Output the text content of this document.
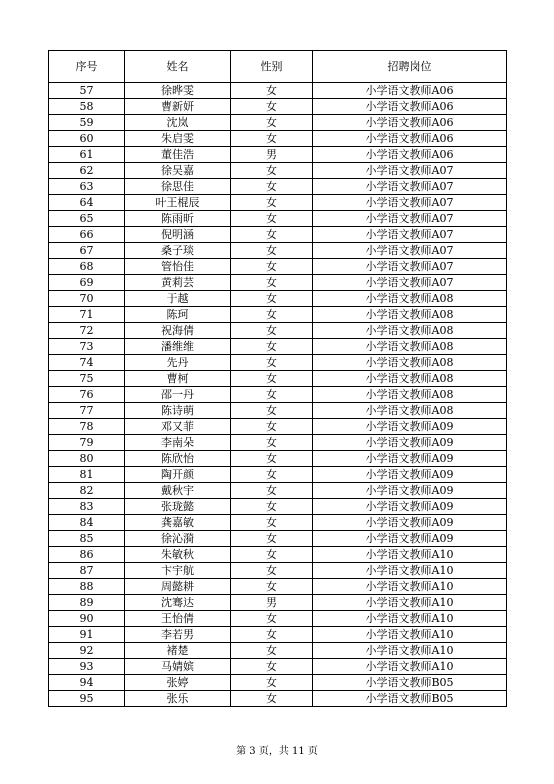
序号	姓名	性别	招聘岗位
57	徐晔雯	女	小学语文教师A06
58	曹新妍	女	小学语文教师A06
59	沈岚	女	小学语文教师A06
60	朱启雯	女	小学语文教师A06
61	董佳浩	男	小学语文教师A06
62	徐吴嘉	女	小学语文教师A07
63	徐思佳	女	小学语文教师A07
64	叶王棍辰	女	小学语文教师A07
65	陈雨昕	女	小学语文教师A07
66	倪明涵	女	小学语文教师A07
67	桑子琰	女	小学语文教师A07
68	管怡佳	女	小学语文教师A07
69	黄莉芸	女	小学语文教师A07
70	于越	女	小学语文教师A08
71	陈珂	女	小学语文教师A08
72	祝海倩	女	小学语文教师A08
73	潘维维	女	小学语文教师A08
74	先丹	女	小学语文教师A08
75	曹柯	女	小学语文教师A08
76	邵一丹	女	小学语文教师A08
77	陈诗萌	女	小学语文教师A08
78	邓又菲	女	小学语文教师A09
79	李南朵	女	小学语文教师A09
80	陈欣怡	女	小学语文教师A09
81	陶开颜	女	小学语文教师A09
82	戴秋宇	女	小学语文教师A09
83	张珑懿	女	小学语文教师A09
84	龚嘉敏	女	小学语文教师A09
85	徐沁漪	女	小学语文教师A09
86	朱敏秋	女	小学语文教师A10
87	卞宇航	女	小学语文教师A10
88	周懿耕	女	小学语文教师A10
89	沈骞达	男	小学语文教师A10
90	王怡倩	女	小学语文教师A10
91	李若男	女	小学语文教师A10
92	褚楚	女	小学语文教师A10
93	马婧嫔	女	小学语文教师A10
94	张婷	女	小学语文教师B05
95	张乐	女	小学语文教师B05
第 3 页，共 11 页
